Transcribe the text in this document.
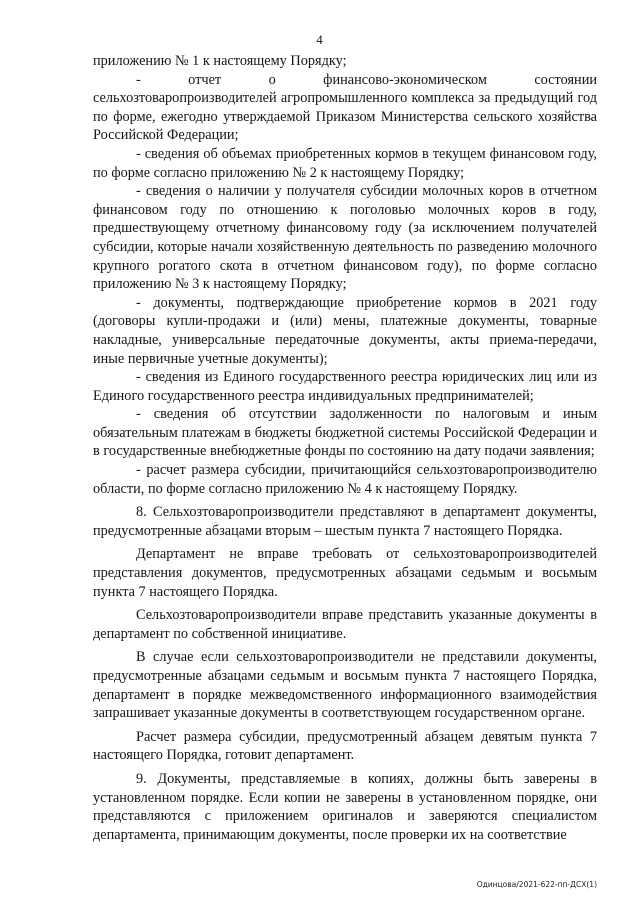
4

приложению № 1 к настоящему Порядку;

- отчет о финансово-экономическом состоянии сельхозтоваропроизводителей агропромышленного комплекса за предыдущий год по форме, ежегодно утверждаемой Приказом Министерства сельского хозяйства Российской Федерации;

- сведения об объемах приобретенных кормов в текущем финансовом году, по форме согласно приложению № 2 к настоящему Порядку;

- сведения о наличии у получателя субсидии молочных коров в отчетном финансовом году по отношению к поголовью молочных коров в году, предшествующему отчетному финансовому году (за исключением получателей субсидии, которые начали хозяйственную деятельность по разведению молочного крупного рогатого скота в отчетном финансовом году), по форме согласно приложению № 3 к настоящему Порядку;

- документы, подтверждающие приобретение кормов в 2021 году (договоры купли-продажи и (или) мены, платежные документы, товарные накладные, универсальные передаточные документы, акты приема-передачи, иные первичные учетные документы);

- сведения из Единого государственного реестра юридических лиц или из Единого государственного реестра индивидуальных предпринимателей;

- сведения об отсутствии задолженности по налоговым и иным обязательным платежам в бюджеты бюджетной системы Российской Федерации и в государственные внебюджетные фонды по состоянию на дату подачи заявления;

- расчет размера субсидии, причитающийся сельхозтоваропроизводителю области, по форме согласно приложению № 4 к настоящему Порядку.

8. Сельхозтоваропроизводители представляют в департамент документы, предусмотренные абзацами вторым – шестым пункта 7 настоящего Порядка.

Департамент не вправе требовать от сельхозтоваропроизводителей представления документов, предусмотренных абзацами седьмым и восьмым пункта 7 настоящего Порядка.

Сельхозтоваропроизводители вправе представить указанные документы в департамент по собственной инициативе.

В случае если сельхозтоваропроизводители не представили документы, предусмотренные абзацами седьмым и восьмым пункта 7 настоящего Порядка, департамент в порядке межведомственного информационного взаимодействия запрашивает указанные документы в соответствующем государственном органе.

Расчет размера субсидии, предусмотренный абзацем девятым пункта 7 настоящего Порядка, готовит департамент.

9. Документы, представляемые в копиях, должны быть заверены в установленном порядке. Если копии не заверены в установленном порядке, они представляются с приложением оригиналов и заверяются специалистом департамента, принимающим документы, после проверки их на соответствие

Одинцова/2021-622-пп-ДСХ(1)
